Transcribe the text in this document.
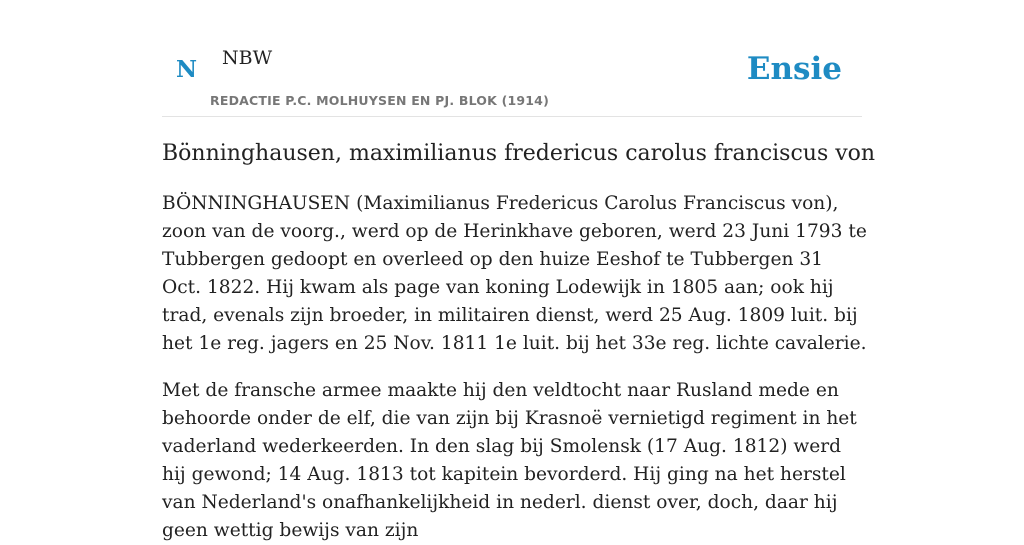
N NBW
REDACTIE P.C. MOLHUYSEN EN PJ. BLOK (1914)
Ensie
Bönninghausen, maximilianus fredericus carolus franciscus von

BÖNNINGHAUSEN (Maximilianus Fredericus Carolus Franciscus von), zoon van de voorg., werd op de Herinkhave geboren, werd 23 Juni 1793 te Tubbergen gedoopt en overleed op den huize Eeshof te Tubbergen 31 Oct. 1822. Hij kwam als page van koning Lodewijk in 1805 aan; ook hij trad, evenals zijn broeder, in militairen dienst, werd 25 Aug. 1809 luit. bij het 1e reg. jagers en 25 Nov. 1811 1e luit. bij het 33e reg. lichte cavalerie.

Met de fransche armee maakte hij den veldtocht naar Rusland mede en behoorde onder de elf, die van zijn bij Krasnoë vernietigd regiment in het vaderland wederkeerden. In den slag bij Smolensk (17 Aug. 1812) werd hij gewond; 14 Aug. 1813 tot kapitein bevorderd. Hij ging na het herstel van Nederland's onafhankelijkheid in nederl. dienst over, doch, daar hij geen wettig bewijs van zijn
